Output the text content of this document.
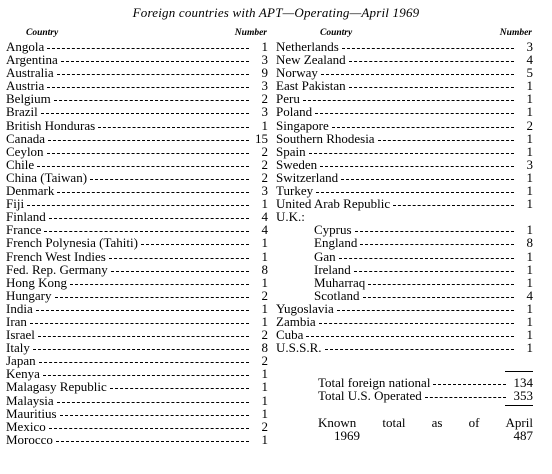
Foreign countries with APT—Operating—April 1969
Country	Number
Angola	1
Argentina	3
Australia	9
Austria	3
Belgium	2
Brazil	3
British Honduras	1
Canada	15
Ceylon	2
Chile	2
China (Taiwan)	2
Denmark	3
Fiji	1
Finland	4
France	4
French Polynesia (Tahiti)	1
French West Indies	1
Fed. Rep. Germany	8
Hong Kong	1
Hungary	2
India	1
Iran	1
Israel	2
Italy	8
Japan	2
Kenya	1
Malagasy Republic	1
Malaysia	1
Mauritius	1
Mexico	2
Morocco	1
Country	Number
Netherlands	3
New Zealand	4
Norway	5
East Pakistan	1
Peru	1
Poland	1
Singapore	2
Southern Rhodesia	1
Spain	1
Sweden	3
Switzerland	1
Turkey	1
United Arab Republic	1
U.K.:
Cyprus	1
England	8
Gan	1
Ireland	1
Muharraq	1
Scotland	4
Yugoslavia	1
Zambia	1
Cuba	1
U.S.S.R.	1
Total foreign national	134
Total U.S. Operated	353
Known total as of April
1969	487
